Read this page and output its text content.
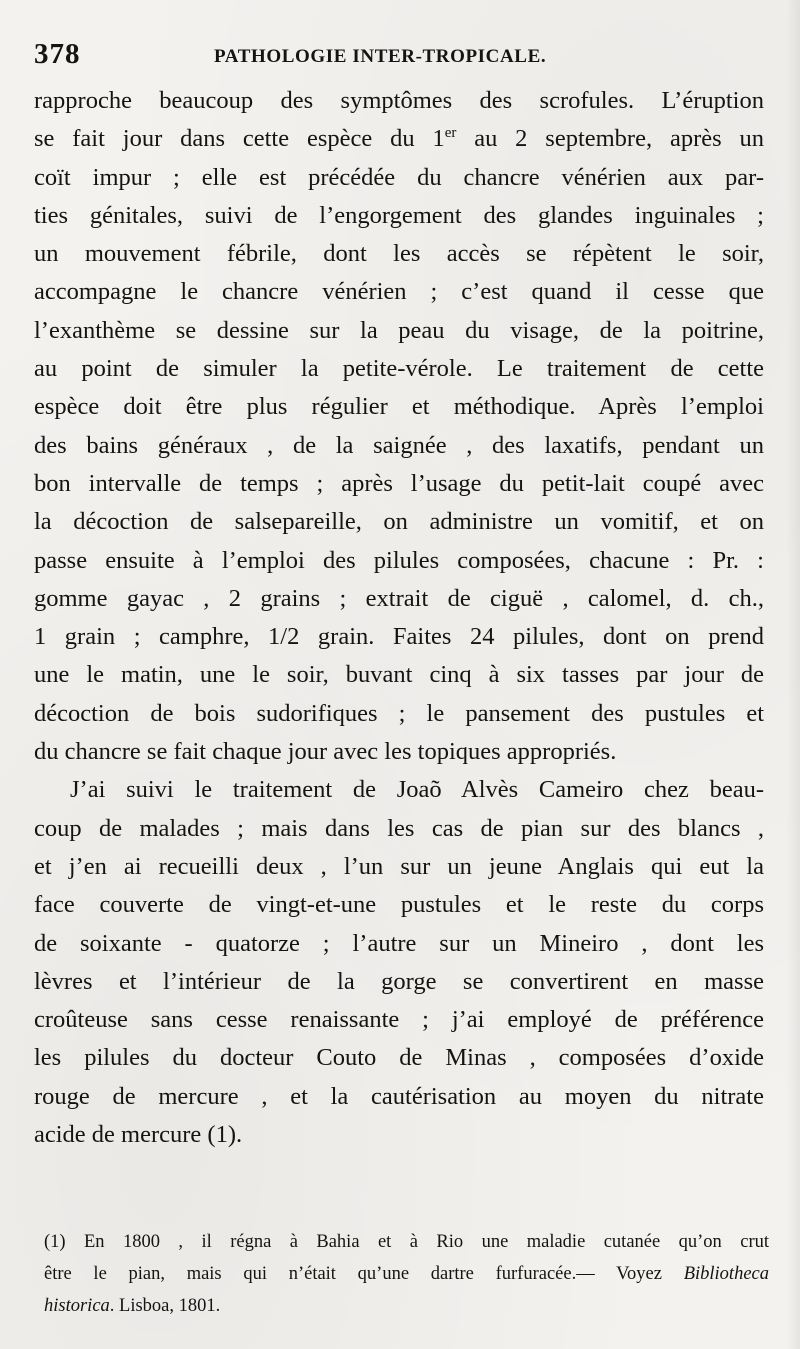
378	PATHOLOGIE INTER-TROPICALE.
rapproche beaucoup des symptômes des scrofules. L’éruption
se fait jour dans cette espèce du 1er au 2 septembre, après un
coït impur ; elle est précédée du chancre vénérien aux par-
ties génitales, suivi de l’engorgement des glandes inguinales ;
un mouvement fébrile, dont les accès se répètent le soir,
accompagne le chancre vénérien ; c’est quand il cesse que
l’exanthème se dessine sur la peau du visage, de la poitrine,
au point de simuler la petite-vérole. Le traitement de cette
espèce doit être plus régulier et méthodique. Après l’emploi
des bains généraux , de la saignée , des laxatifs, pendant un
bon intervalle de temps ; après l’usage du petit-lait coupé avec
la décoction de salsepareille, on administre un vomitif, et on
passe ensuite à l’emploi des pilules composées, chacune : Pr. :
gomme gayac , 2 grains ; extrait de ciguë , calomel, d. ch.,
1 grain ; camphre, 1/2 grain. Faites 24 pilules, dont on prend
une le matin, une le soir, buvant cinq à six tasses par jour de
décoction de bois sudorifiques ; le pansement des pustules et
du chancre se fait chaque jour avec les topiques appropriés.
J’ai suivi le traitement de Joaõ Alvès Cameiro chez beau-
coup de malades ; mais dans les cas de pian sur des blancs ,
et j’en ai recueilli deux , l’un sur un jeune Anglais qui eut la
face couverte de vingt-et-une pustules et le reste du corps
de soixante - quatorze ; l’autre sur un Mineiro , dont les
lèvres et l’intérieur de la gorge se convertirent en masse
croûteuse sans cesse renaissante ; j’ai employé de préférence
les pilules du docteur Couto de Minas , composées d’oxide
rouge de mercure , et la cautérisation au moyen du nitrate
acide de mercure (1).
(1) En 1800 , il régna à Bahia et à Rio une maladie cutanée qu’on crut
être le pian, mais qui n’était qu’une dartre furfuracée.— Voyez Bibliotheca
historica. Lisboa, 1801.
